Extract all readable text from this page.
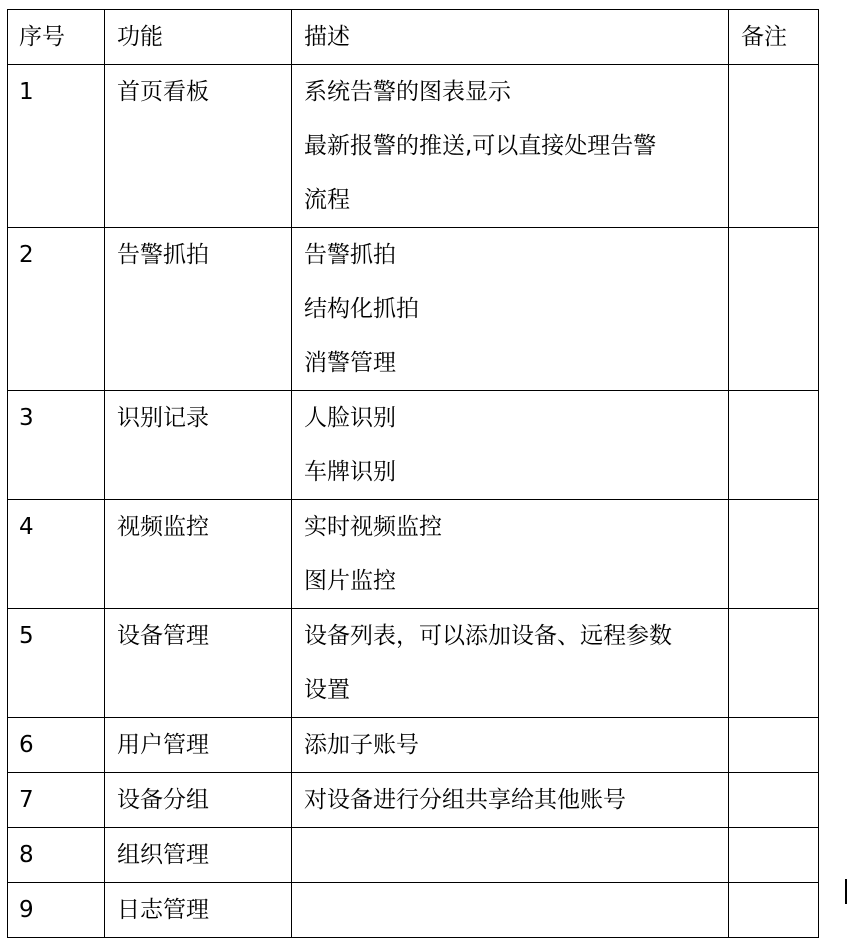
序号	功能	描述	备注
1	首页看板	系统告警的图表显示
最新报警的推送,可以直接处理告警
流程	

2	告警抓拍	告警抓拍
结构化抓拍
消警管理	

3	识别记录	人脸识别
车牌识别	

4	视频监控	实时视频监控
图片监控	

5	设备管理	设备列表，可以添加设备、远程参数
设置	

6	用户管理	添加子账号	

7	设备分组	对设备进行分组共享给其他账号	

8	组织管理		
9	日志管理		
